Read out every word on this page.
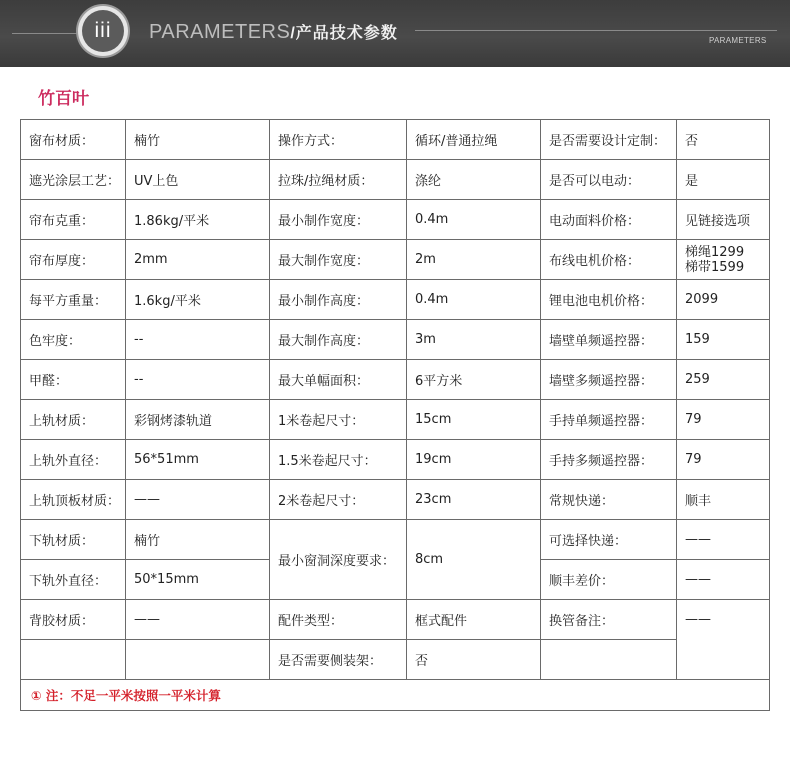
iii	PARAMETERS/产品技术参数	PARAMETERS
竹百叶
窗布材质：	楠竹	操作方式：	循环/普通拉绳	是否需要设计定制：	否
遮光涂层工艺：	UV上色	拉珠/拉绳材质：	涤纶	是否可以电动：	是
帘布克重：	1.86kg/平米	最小制作宽度：	0.4m	电动面料价格：	见链接选项
帘布厚度：	2mm	最大制作宽度：	2m	布线电机价格：	梯绳1299
梯带1599
每平方重量：	1.6kg/平米	最小制作高度：	0.4m	锂电池电机价格：	2099
色牢度：	--	最大制作高度：	3m	墙壁单频遥控器：	159
甲醛：	--	最大单幅面积：	6平方米	墙壁多频遥控器：	259
上轨材质：	彩钢烤漆轨道	1米卷起尺寸：	15cm	手持单频遥控器：	79
上轨外直径：	56*51mm	1.5米卷起尺寸：	19cm	手持多频遥控器：	79
上轨顶板材质：	——	2米卷起尺寸：	23cm	常规快递：	顺丰
下轨材质：	楠竹	最小窗洞深度要求：	8cm	可选择快递：	——
下轨外直径：	50*15mm			顺丰差价：	——
背胶材质：	——	配件类型：	框式配件	换管备注：	——
		是否需要侧装架：	否		
① 注：不足一平米按照一平米计算					
